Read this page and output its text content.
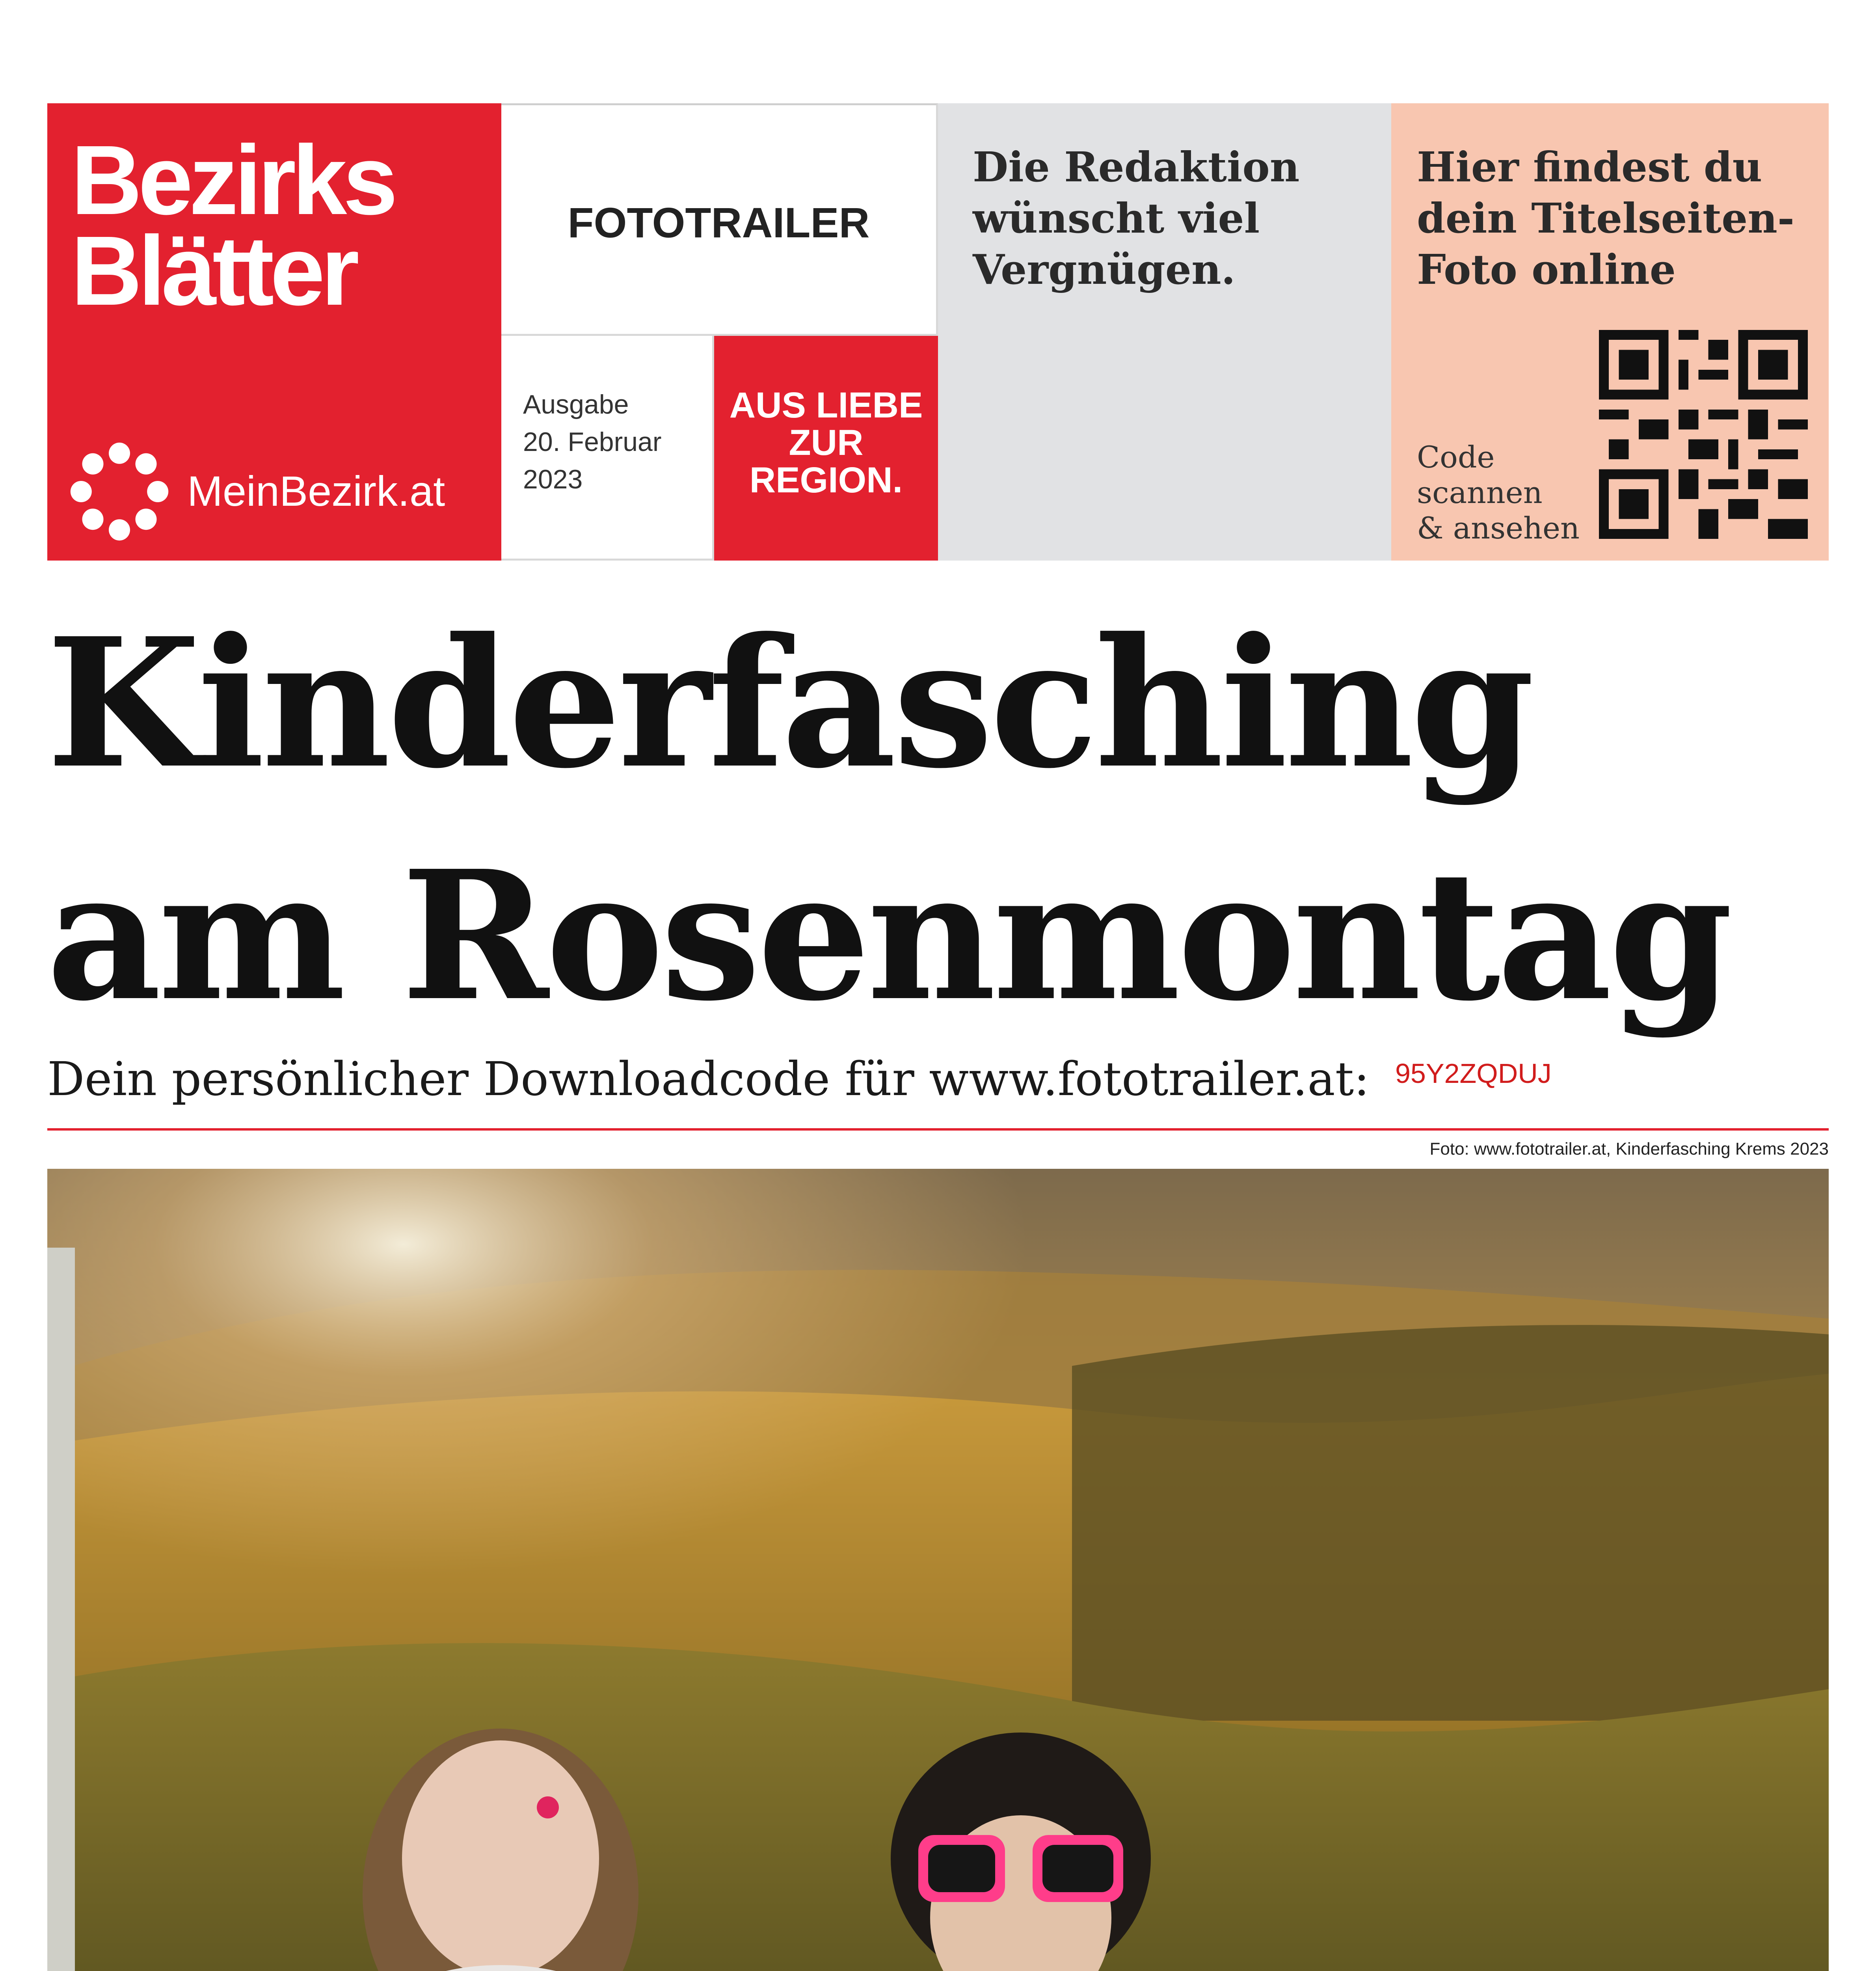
Bezirks
Blätter
MeinBezirk.at
FOTOTRAILER
Ausgabe
20. Februar
2023
AUS LIEBE
ZUR
REGION.
Die Redaktion
wünscht viel
Vergnügen.
Hier findest du
dein Titelseiten-
Foto online
Code
scannen
& ansehen
Kinderfasching
am Rosenmontag
Dein persönlicher Downloadcode für www.fototrailer.at: 95Y2ZQDUJ
Foto: www.fototrailer.at, Kinderfasching Krems 2023
